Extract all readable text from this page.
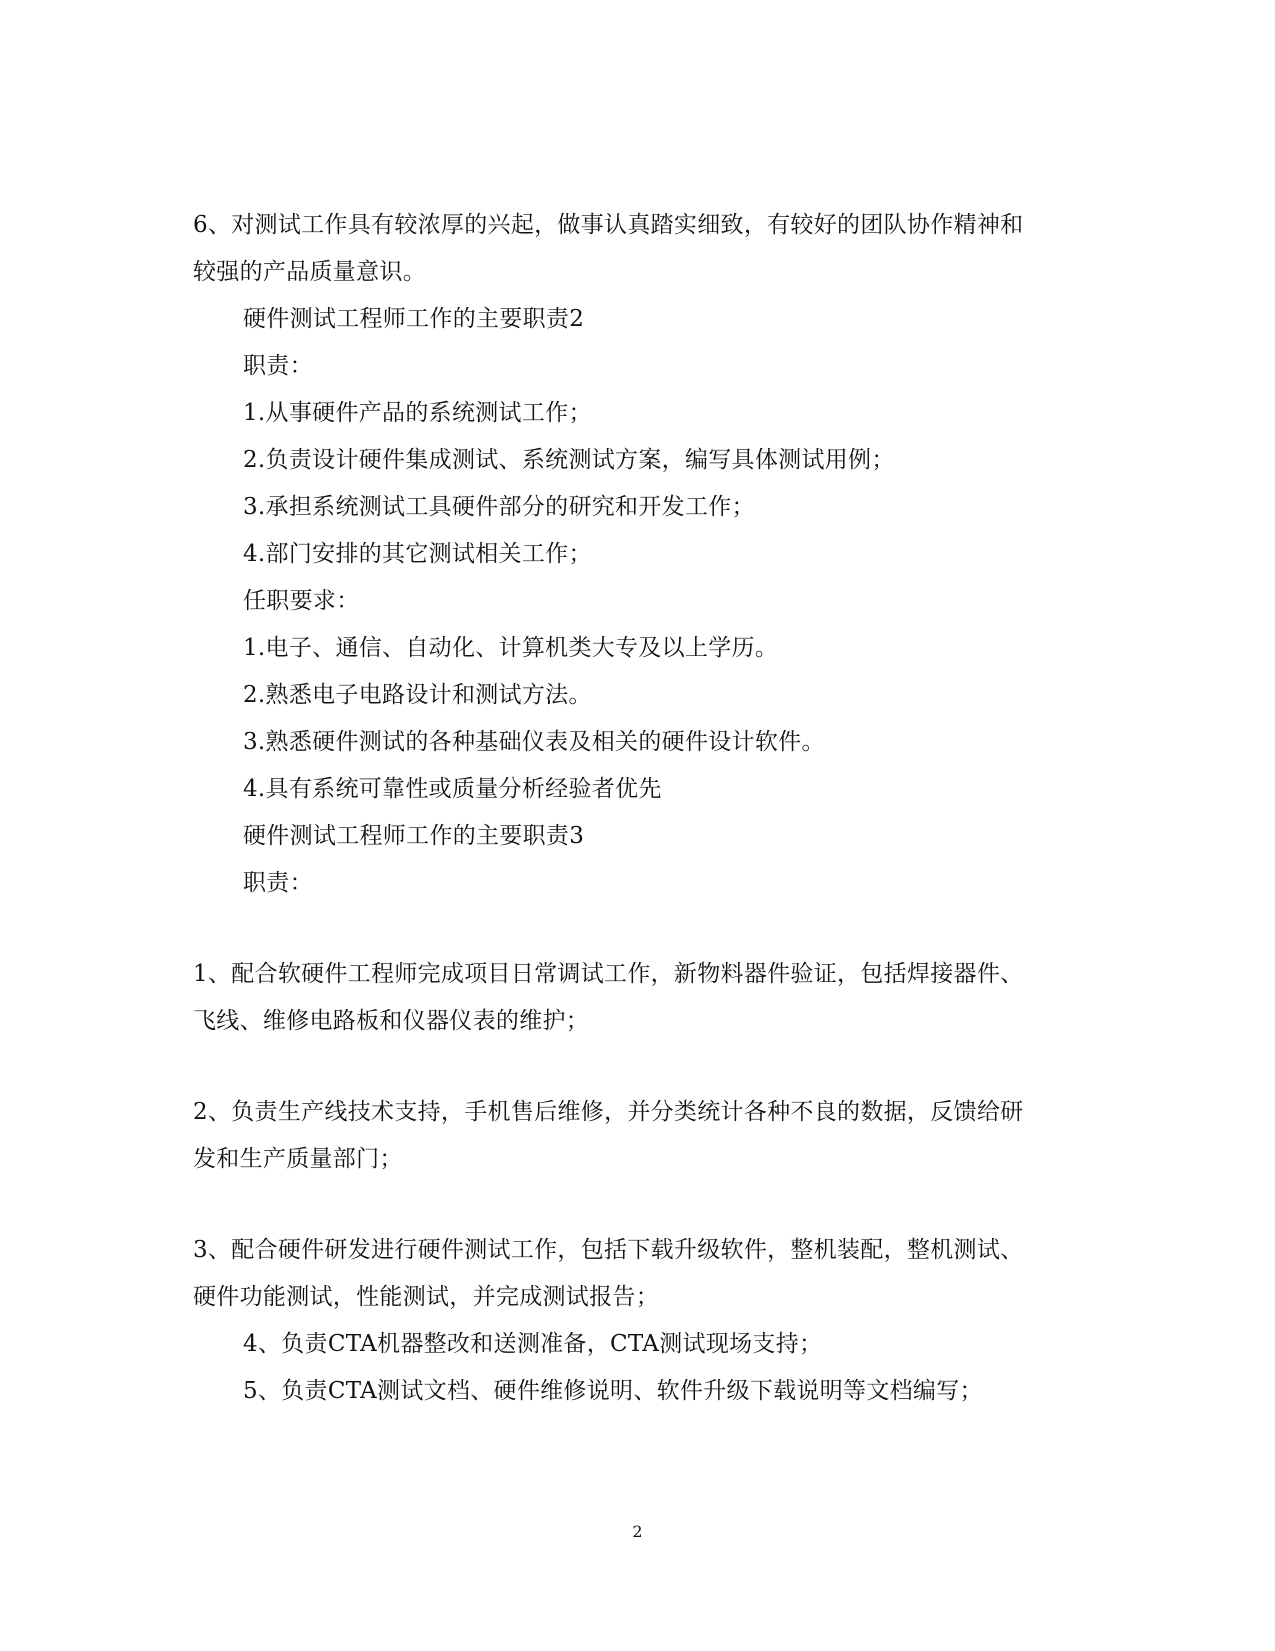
6、对测试工作具有较浓厚的兴起，做事认真踏实细致，有较好的团队协作精神和
较强的产品质量意识。
硬件测试工程师工作的主要职责2
职责：
1.从事硬件产品的系统测试工作；
2.负责设计硬件集成测试、系统测试方案，编写具体测试用例；
3.承担系统测试工具硬件部分的研究和开发工作；
4.部门安排的其它测试相关工作；
任职要求：
1.电子、通信、自动化、计算机类大专及以上学历。
2.熟悉电子电路设计和测试方法。
3.熟悉硬件测试的各种基础仪表及相关的硬件设计软件。
4.具有系统可靠性或质量分析经验者优先
硬件测试工程师工作的主要职责3
职责：
1、配合软硬件工程师完成项目日常调试工作，新物料器件验证，包括焊接器件、
飞线、维修电路板和仪器仪表的维护；
2、负责生产线技术支持，手机售后维修，并分类统计各种不良的数据，反馈给研
发和生产质量部门；
3、配合硬件研发进行硬件测试工作，包括下载升级软件，整机装配，整机测试、
硬件功能测试，性能测试，并完成测试报告；
4、负责CTA机器整改和送测准备，CTA测试现场支持；
5、负责CTA测试文档、硬件维修说明、软件升级下载说明等文档编写；
2
